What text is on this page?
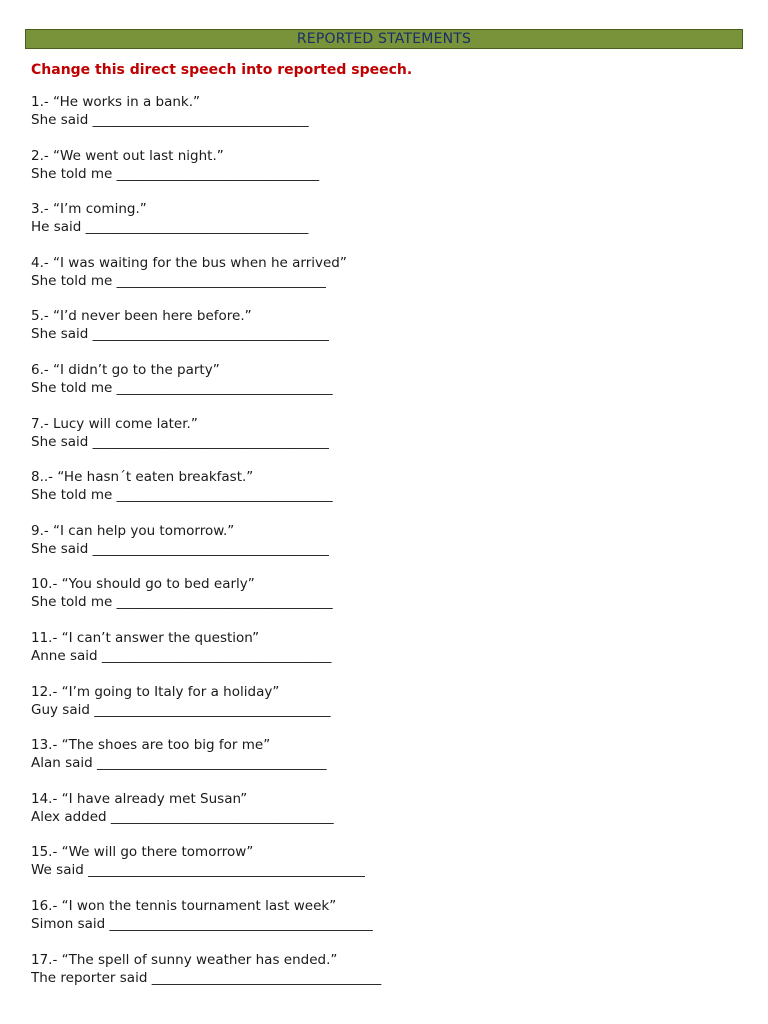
REPORTED STATEMENTS
Change this direct speech into reported speech.
1.- “He works in a bank.”
She said ________________________________
2.- “We went out last night.”
She told me ______________________________
3.- “I’m coming.”
He said _________________________________
4.- “I was waiting for the bus when he arrived”
She told me _______________________________
5.- “I’d never been here before.”
She said ___________________________________
6.- “I didn’t go to the party”
She told me ________________________________
7.- Lucy will come later.”
She said ___________________________________
8..- “He hasn´t eaten breakfast.”
She told me ________________________________
9.- “I can help you tomorrow.”
She said ___________________________________
10.- “You should go to bed early”
She told me ________________________________
11.- “I can’t answer the question”
Anne said __________________________________
12.- “I’m going to Italy for a holiday”
Guy said ___________________________________
13.- “The shoes are too big for me”
Alan said __________________________________
14.- “I have already met Susan”
Alex added _________________________________
15.- “We will go there tomorrow”
We said _________________________________________
16.- “I won the tennis tournament last week”
Simon said _______________________________________
17.- “The spell of sunny weather has ended.”
The reporter said __________________________________
